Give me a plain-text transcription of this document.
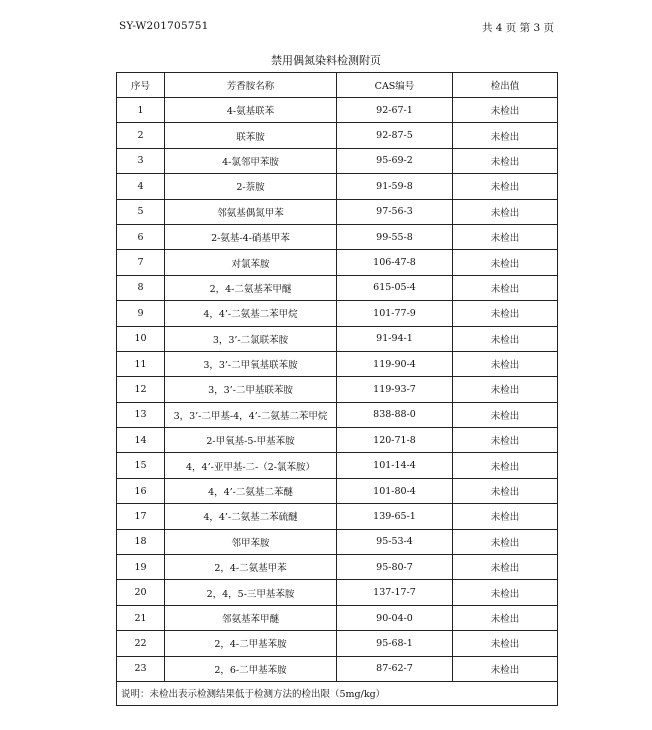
SY-W201705751	共 4 页 第 3 页
禁用偶氮染料检测附页
序号	芳香胺名称	CAS编号	检出值
1	4-氨基联苯	92-67-1	未检出
2	联苯胺	92-87-5	未检出
3	4-氯邻甲苯胺	95-69-2	未检出
4	2-萘胺	91-59-8	未检出
5	邻氨基偶氮甲苯	97-56-3	未检出
6	2-氨基-4-硝基甲苯	99-55-8	未检出
7	对氯苯胺	106-47-8	未检出
8	2，4-二氨基苯甲醚	615-05-4	未检出
9	4，4’-二氨基二苯甲烷	101-77-9	未检出
10	3，3’-二氯联苯胺	91-94-1	未检出
11	3，3’-二甲氧基联苯胺	119-90-4	未检出
12	3，3’-二甲基联苯胺	119-93-7	未检出
13	3，3’-二甲基-4，4’-二氨基二苯甲烷	838-88-0	未检出
14	2-甲氧基-5-甲基苯胺	120-71-8	未检出
15	4，4’-亚甲基-二-（2-氯苯胺）	101-14-4	未检出
16	4，4’-二氨基二苯醚	101-80-4	未检出
17	4，4’-二氨基二苯硫醚	139-65-1	未检出
18	邻甲苯胺	95-53-4	未检出
19	2，4-二氨基甲苯	95-80-7	未检出
20	2，4，5-三甲基苯胺	137-17-7	未检出
21	邻氨基苯甲醚	90-04-0	未检出
22	2，4-二甲基苯胺	95-68-1	未检出
23	2，6-二甲基苯胺	87-62-7	未检出
说明：未检出表示检测结果低于检测方法的检出限（5mg/kg）			
